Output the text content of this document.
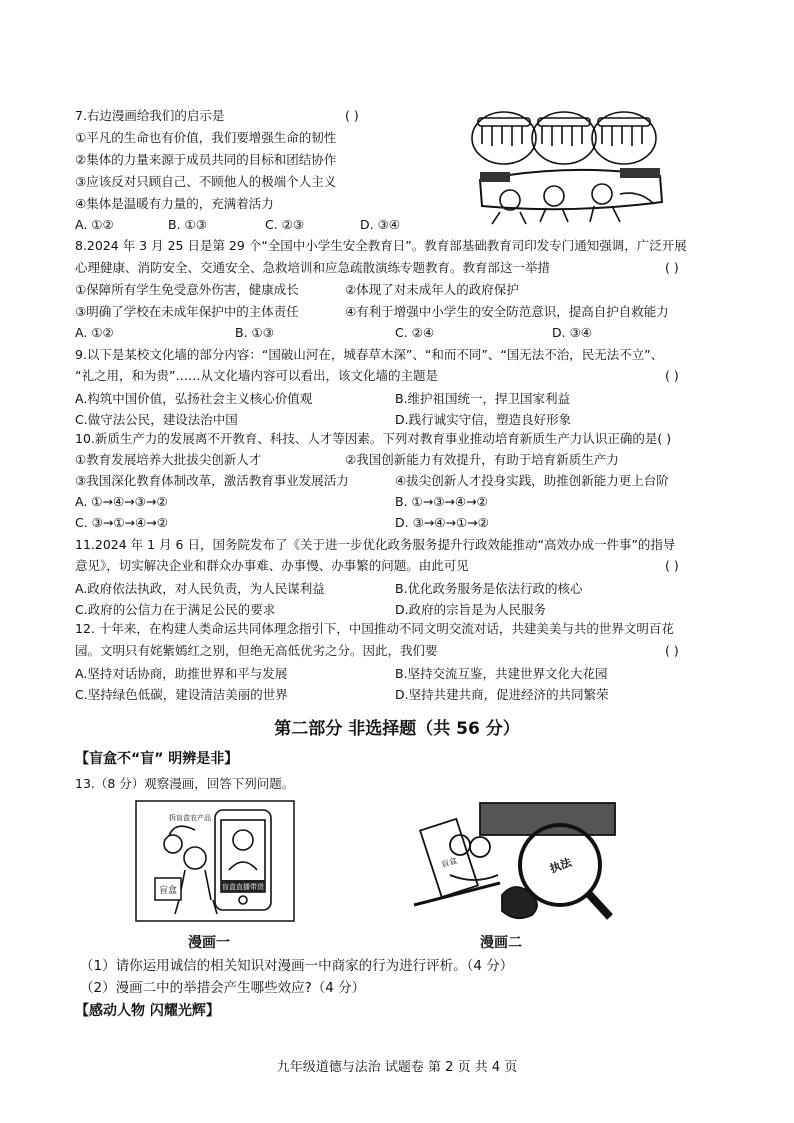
7.右边漫画给我们的启示是	( )
①平凡的生命也有价值，我们要增强生命的韧性
②集体的力量来源于成员共同的目标和团结协作
③应该反对只顾自己、不顾他人的极端个人主义
④集体是温暖有力量的，充满着活力
A. ①②	B. ①③	C. ②③	D. ③④
8.2024 年 3 月 25 日是第 29 个“全国中小学生安全教育日”。教育部基础教育司印发专门通知强调，广泛开展
心理健康、消防安全、交通安全、急救培训和应急疏散演练专题教育。教育部这一举措	( )
①保障所有学生免受意外伤害，健康成长	②体现了对未成年人的政府保护
③明确了学校在未成年保护中的主体责任	④有利于增强中小学生的安全防范意识，提高自护自救能力
A. ①②	B. ①③	C. ②④	D. ③④
9.以下是某校文化墙的部分内容：“国破山河在，城春草木深”、“和而不同”、“国无法不治，民无法不立”、
“礼之用，和为贵”……从文化墙内容可以看出，该文化墙的主题是	( )
A.构筑中国价值，弘扬社会主义核心价值观	B.维护祖国统一，捍卫国家利益
C.做守法公民，建设法治中国	D.践行诚实守信，塑造良好形象
10.新质生产力的发展离不开教育、科技、人才等因素。下列对教育事业推动培育新质生产力认识正确的是( )
①教育发展培养大批拔尖创新人才	②我国创新能力有效提升，有助于培育新质生产力
③我国深化教育体制改革，激活教育事业发展活力	④拔尖创新人才投身实践，助推创新能力更上台阶
A. ①→④→③→②	B. ①→③→④→②
C. ③→①→④→②	D. ③→④→①→②
11.2024 年 1 月 6 日，国务院发布了《关于进一步优化政务服务提升行政效能推动“高效办成一件事”的指导
意见》，切实解决企业和群众办事难、办事慢、办事繁的问题。由此可见	( )
A.政府依法执政，对人民负责，为人民谋利益	B.优化政务服务是依法行政的核心
C.政府的公信力在于满足公民的要求	D.政府的宗旨是为人民服务
12. 十年来，在构建人类命运共同体理念指引下，中国推动不同文明交流对话，共建美美与共的世界文明百花
园。文明只有姹紫嫣红之别，但绝无高低优劣之分。因此，我们要	( )
A.坚持对话协商，助推世界和平与发展	B.坚持交流互鉴，共建世界文化大花园
C.坚持绿色低碳，建设清洁美丽的世界	D.坚持共建共商，促进经济的共同繁荣
第二部分 非选择题（共 56 分）
【盲盒不“盲” 明辨是非】
13.（8 分）观察漫画，回答下列问题。
盲盒	盲盒直播带货
拆盲盒农产品
漫画一
执法
盲盒
漫画二
（1）请你运用诚信的相关知识对漫画一中商家的行为进行评析。（4 分）
（2）漫画二中的举措会产生哪些效应?（4 分）
【感动人物 闪耀光辉】
九年级道德与法治 试题卷 第 2 页 共 4 页
